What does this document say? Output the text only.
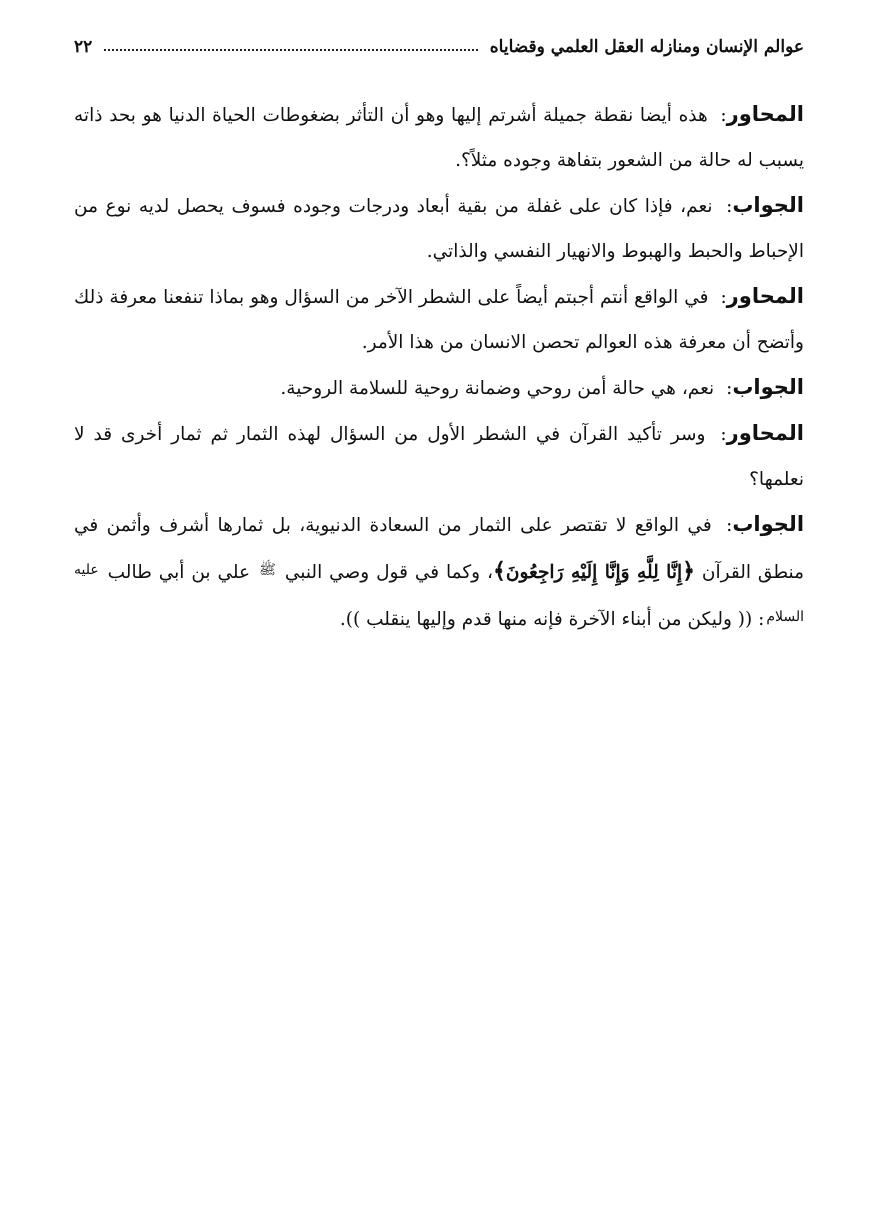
عوالم الإنسان ومنازله العقل العلمي وقضاياه
٢٢

المحاور: هذه أيضا نقطة جميلة أشرتم إليها وهو أن التأثر بضغوطات الحياة الدنيا هو بحد ذاته يسبب له حالة من الشعور بتفاهة وجوده مثلاً؟.

الجواب: نعم، فإذا كان على غفلة من بقية أبعاد ودرجات وجوده فسوف يحصل لديه نوع من الإحباط والحبط والهبوط والانهيار النفسي والذاتي.

المحاور: في الواقع أنتم أجبتم أيضاً على الشطر الآخر من السؤال وهو بماذا تنفعنا معرفة ذلك وأتضح أن معرفة هذه العوالم تحصن الانسان من هذا الأمر.

الجواب: نعم، هي حالة أمن روحي وضمانة روحية للسلامة الروحية.

المحاور: وسر تأكيد القرآن في الشطر الأول من السؤال لهذه الثمار ثم ثمار أخرى قد لا نعلمها؟

الجواب: في الواقع لا تقتصر على الثمار من السعادة الدنيوية، بل ثمارها أشرف وأثمن في منطق القرآن ﴿إِنَّا لِلَّهِ وَإِنَّا إِلَيْهِ رَاجِعُونَ﴾، وكما في قول وصي النبي $^ﷺ$ علي بن أبي طالب $^{عليه السلام}$: (( وليكن من أبناء الآخرة فإنه منها قدم وإليها ينقلب )).
